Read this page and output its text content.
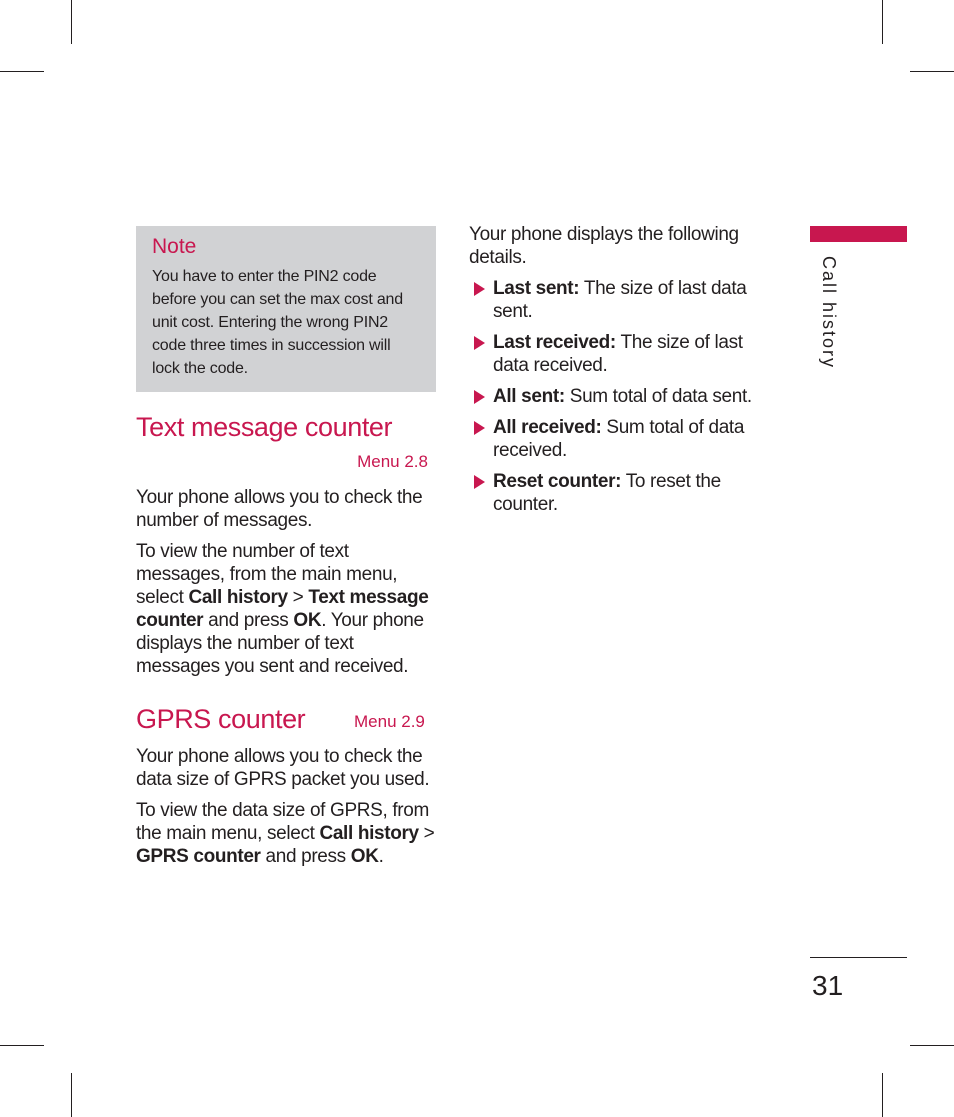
Note
You have to enter the PIN2 code before you can set the max cost and unit cost. Entering the wrong PIN2 code three times in succession will lock the code.
Text message counter
Menu 2.8

Your phone allows you to check the number of messages.

To view the number of text messages, from the main menu, select Call history > Text message counter and press OK. Your phone displays the number of text messages you sent and received.

GPRS counter	Menu 2.9

Your phone allows you to check the data size of GPRS packet you used.

To view the data size of GPRS, from the main menu, select Call history > GPRS counter and press OK.

Your phone displays the following details.

Last sent: The size of last data sent.
Last received: The size of last data received.
All sent: Sum total of data sent.
All received: Sum total of data received.
Reset counter: To reset the counter.
Call history
31
